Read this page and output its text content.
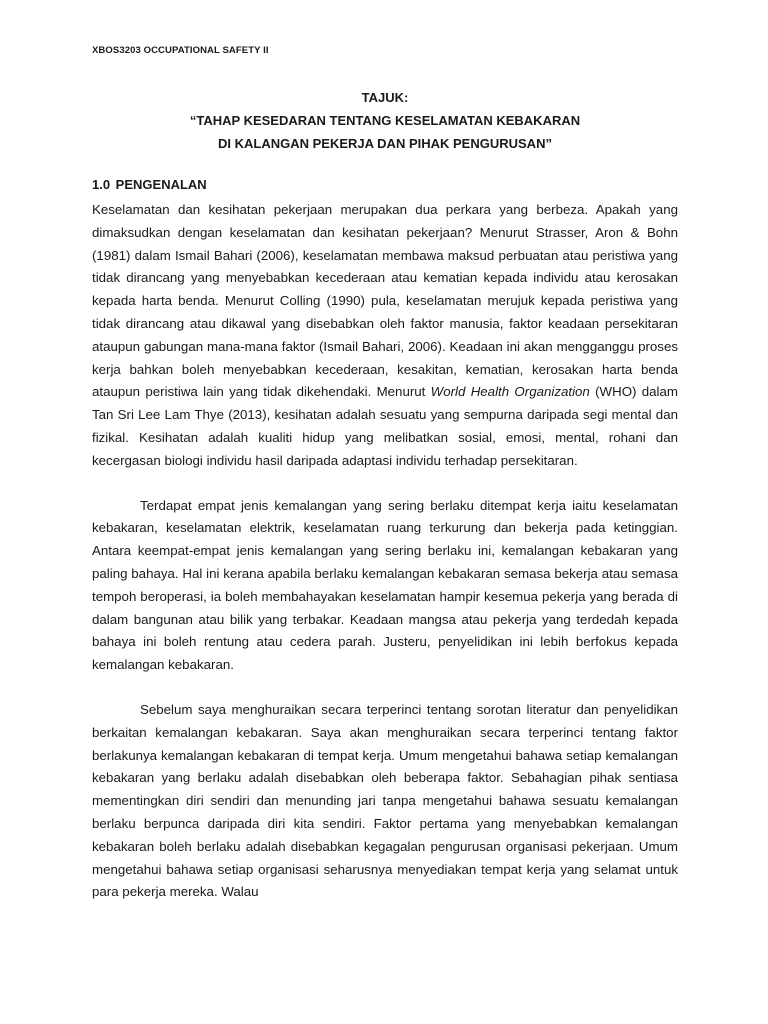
XBOS3203 OCCUPATIONAL SAFETY II
TAJUK:
“TAHAP KESEDARAN TENTANG KESELAMATAN KEBAKARAN
DI KALANGAN PEKERJA DAN PIHAK PENGURUSAN”
1.0 PENGENALAN

Keselamatan dan kesihatan pekerjaan merupakan dua perkara yang berbeza. Apakah yang dimaksudkan dengan keselamatan dan kesihatan pekerjaan? Menurut Strasser, Aron & Bohn (1981) dalam Ismail Bahari (2006), keselamatan membawa maksud perbuatan atau peristiwa yang tidak dirancang yang menyebabkan kecederaan atau kematian kepada individu atau kerosakan kepada harta benda. Menurut Colling (1990) pula, keselamatan merujuk kepada peristiwa yang tidak dirancang atau dikawal yang disebabkan oleh faktor manusia, faktor keadaan persekitaran ataupun gabungan mana-mana faktor (Ismail Bahari, 2006). Keadaan ini akan mengganggu proses kerja bahkan boleh menyebabkan kecederaan, kesakitan, kematian, kerosakan harta benda ataupun peristiwa lain yang tidak dikehendaki. Menurut World Health Organization (WHO) dalam Tan Sri Lee Lam Thye (2013), kesihatan adalah sesuatu yang sempurna daripada segi mental dan fizikal. Kesihatan adalah kualiti hidup yang melibatkan sosial, emosi, mental, rohani dan kecergasan biologi individu hasil daripada adaptasi individu terhadap persekitaran.

Terdapat empat jenis kemalangan yang sering berlaku ditempat kerja iaitu keselamatan kebakaran, keselamatan elektrik, keselamatan ruang terkurung dan bekerja pada ketinggian. Antara keempat-empat jenis kemalangan yang sering berlaku ini, kemalangan kebakaran yang paling bahaya. Hal ini kerana apabila berlaku kemalangan kebakaran semasa bekerja atau semasa tempoh beroperasi, ia boleh membahayakan keselamatan hampir kesemua pekerja yang berada di dalam bangunan atau bilik yang terbakar. Keadaan mangsa atau pekerja yang terdedah kepada bahaya ini boleh rentung atau cedera parah. Justeru, penyelidikan ini lebih berfokus kepada kemalangan kebakaran.

Sebelum saya menghuraikan secara terperinci tentang sorotan literatur dan penyelidikan berkaitan kemalangan kebakaran. Saya akan menghuraikan secara terperinci tentang faktor berlakunya kemalangan kebakaran di tempat kerja. Umum mengetahui bahawa setiap kemalangan kebakaran yang berlaku adalah disebabkan oleh beberapa faktor. Sebahagian pihak sentiasa mementingkan diri sendiri dan menunding jari tanpa mengetahui bahawa sesuatu kemalangan berlaku berpunca daripada diri kita sendiri. Faktor pertama yang menyebabkan kemalangan kebakaran boleh berlaku adalah disebabkan kegagalan pengurusan organisasi pekerjaan. Umum mengetahui bahawa setiap organisasi seharusnya menyediakan tempat kerja yang selamat untuk para pekerja mereka. Walau
